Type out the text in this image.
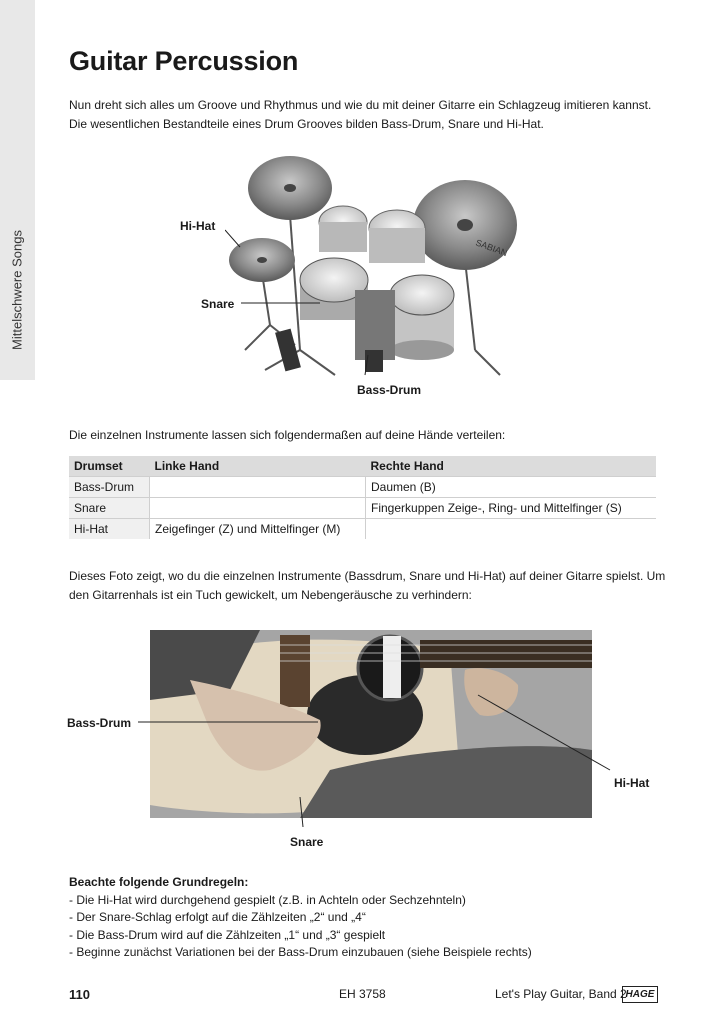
Mittelschwere Songs
Guitar Percussion
Nun dreht sich alles um Groove und Rhythmus und wie du mit deiner Gitarre ein Schlagzeug imitieren kannst. Die wesentlichen Bestandteile eines Drum Grooves bilden Bass-Drum, Snare und Hi-Hat.
SABIAN
Hi-Hat
Snare
Bass-Drum
Die einzelnen Instrumente lassen sich folgendermaßen auf deine Hände verteilen:
Drumset	Linke Hand	Rechte Hand
Bass-Drum		Daumen (B)
Snare		Fingerkuppen Zeige-, Ring- und Mittelfinger (S)
Hi-Hat	Zeigefinger (Z) und Mittelfinger (M)	
Dieses Foto zeigt, wo du die einzelnen Instrumente (Bassdrum, Snare und Hi-Hat) auf deiner Gitarre spielst. Um den Gitarrenhals ist ein Tuch gewickelt, um Nebengeräusche zu verhindern:
Bass-Drum
Hi-Hat
Snare
Beachte folgende Grundregeln:
- Die Hi-Hat wird durchgehend gespielt (z.B. in Achteln oder Sechzehnteln)
- Der Snare-Schlag erfolgt auf die Zählzeiten „2“ und „4“
- Die Bass-Drum wird auf die Zählzeiten „1“ und „3“ gespielt
- Beginne zunächst Variationen bei der Bass-Drum einzubauen (siehe Beispiele rechts)
110	EH 3758	Let's Play Guitar, Band 2
HAGE
